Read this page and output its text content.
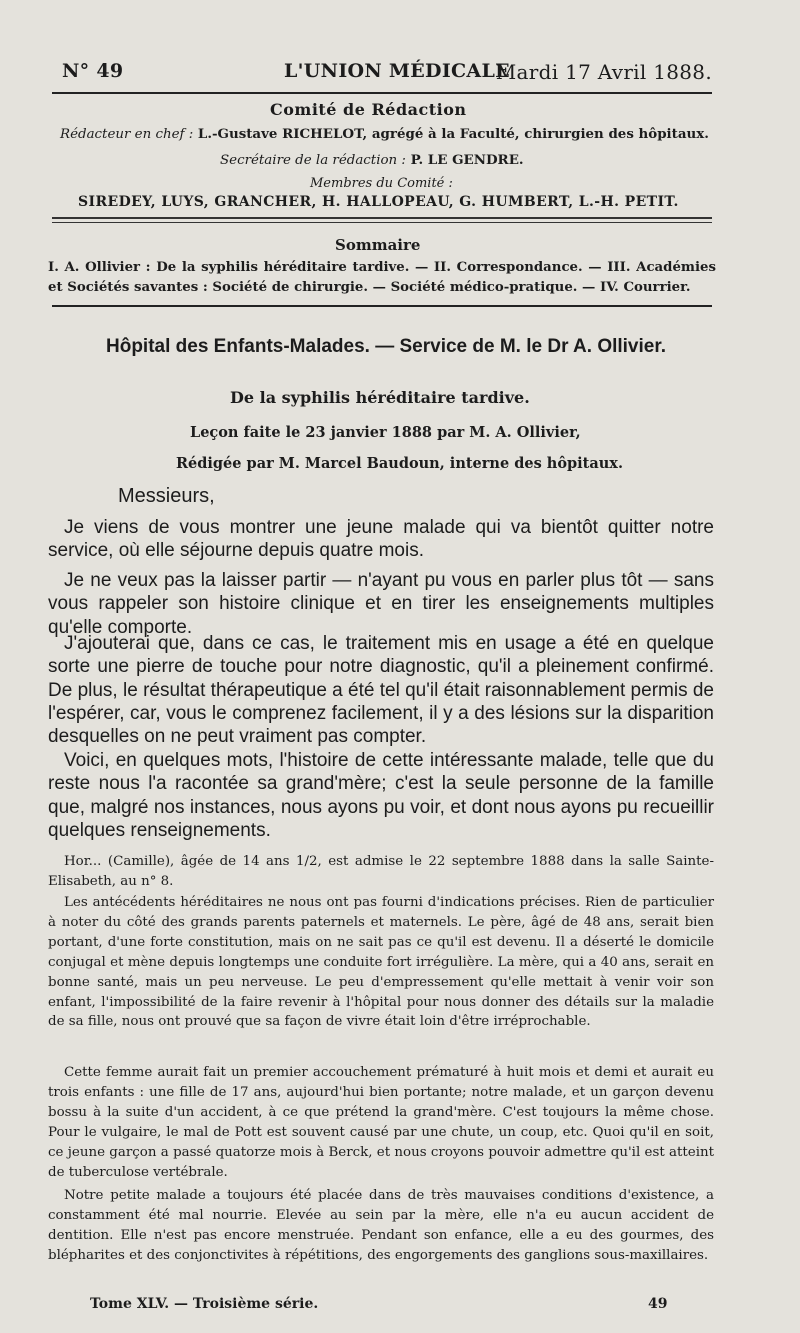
N° 49	L'UNION MÉDICALE
Mardi 17 Avril 1888.
Comité de Rédaction
Rédacteur en chef : L.-Gustave RICHELOT, agrégé à la Faculté, chirurgien des hôpitaux.
Secrétaire de la rédaction : P. LE GENDRE.
Membres du Comité :
SIREDEY, LUYS, GRANCHER, H. HALLOPEAU, G. HUMBERT, L.-H. PETIT.
Sommaire
I. A. Ollivier : De la syphilis héréditaire tardive. — II. Correspondance. — III. Académies et Sociétés savantes : Société de chirurgie. — Société médico-pratique. — IV. Courrier.
Hôpital des Enfants-Malades. — Service de M. le Dr A. Ollivier.
De la syphilis héréditaire tardive.
Leçon faite le 23 janvier 1888 par M. A. Ollivier,
Rédigée par M. Marcel Baudoun, interne des hôpitaux.
Messieurs,
Je viens de vous montrer une jeune malade qui va bientôt quitter notre service, où elle séjourne depuis quatre mois.
Je ne veux pas la laisser partir — n'ayant pu vous en parler plus tôt — sans vous rappeler son histoire clinique et en tirer les enseignements multiples qu'elle comporte.
J'ajouterai que, dans ce cas, le traitement mis en usage a été en quelque sorte une pierre de touche pour notre diagnostic, qu'il a pleinement confirmé. De plus, le résultat thérapeutique a été tel qu'il était raisonnablement permis de l'espérer, car, vous le comprenez facilement, il y a des lésions sur la disparition desquelles on ne peut vraiment pas compter.
Voici, en quelques mots, l'histoire de cette intéressante malade, telle que du reste nous l'a racontée sa grand'mère; c'est la seule personne de la famille que, malgré nos instances, nous ayons pu voir, et dont nous ayons pu recueillir quelques renseignements.
Hor... (Camille), âgée de 14 ans 1/2, est admise le 22 septembre 1888 dans la salle Sainte-Elisabeth, au n° 8.
Les antécédents héréditaires ne nous ont pas fourni d'indications précises. Rien de particulier à noter du côté des grands parents paternels et maternels. Le père, âgé de 48 ans, serait bien portant, d'une forte constitution, mais on ne sait pas ce qu'il est devenu. Il a déserté le domicile conjugal et mène depuis longtemps une conduite fort irrégulière. La mère, qui a 40 ans, serait en bonne santé, mais un peu nerveuse. Le peu d'empressement qu'elle mettait à venir voir son enfant, l'impossibilité de la faire revenir à l'hôpital pour nous donner des détails sur la maladie de sa fille, nous ont prouvé que sa façon de vivre était loin d'être irréprochable.
Cette femme aurait fait un premier accouchement prématuré à huit mois et demi et aurait eu trois enfants : une fille de 17 ans, aujourd'hui bien portante; notre malade, et un garçon devenu bossu à la suite d'un accident, à ce que prétend la grand'mère. C'est toujours la même chose. Pour le vulgaire, le mal de Pott est souvent causé par une chute, un coup, etc. Quoi qu'il en soit, ce jeune garçon a passé quatorze mois à Berck, et nous croyons pouvoir admettre qu'il est atteint de tuberculose vertébrale.
Notre petite malade a toujours été placée dans de très mauvaises conditions d'existence, a constamment été mal nourrie. Elevée au sein par la mère, elle n'a eu aucun accident de dentition. Elle n'est pas encore menstruée. Pendant son enfance, elle a eu des gourmes, des blépharites et des conjonctivites à répétitions, des engorgements des ganglions sous-maxillaires.
Tome XLV. — Troisième série.	49
